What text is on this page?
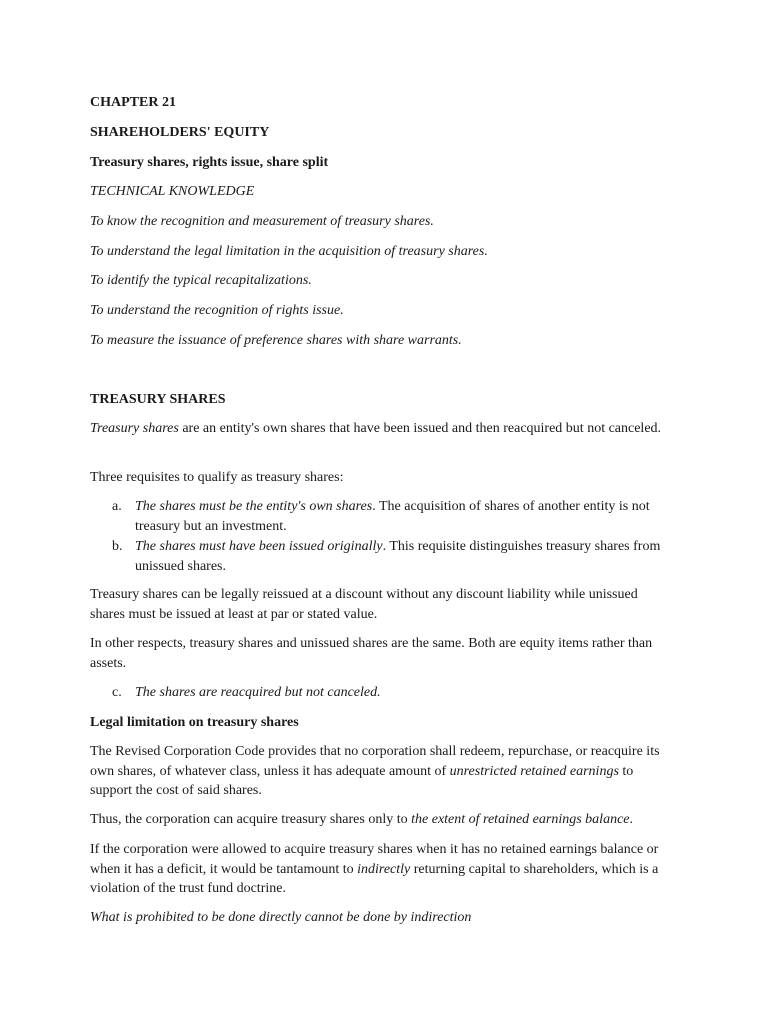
CHAPTER 21

SHAREHOLDERS' EQUITY

Treasury shares, rights issue, share split

TECHNICAL KNOWLEDGE

To know the recognition and measurement of treasury shares.

To understand the legal limitation in the acquisition of treasury shares.

To identify the typical recapitalizations.

To understand the recognition of rights issue.

To measure the issuance of preference shares with share warrants.

TREASURY SHARES

Treasury shares are an entity's own shares that have been issued and then reacquired but not canceled.

Three requisites to qualify as treasury shares:

a. The shares must be the entity's own shares. The acquisition of shares of another entity is not treasury but an investment.
b. The shares must have been issued originally. This requisite distinguishes treasury shares from unissued shares.

Treasury shares can be legally reissued at a discount without any discount liability while unissued shares must be issued at least at par or stated value.

In other respects, treasury shares and unissued shares are the same. Both are equity items rather than assets.

c. The shares are reacquired but not canceled.

Legal limitation on treasury shares

The Revised Corporation Code provides that no corporation shall redeem, repurchase, or reacquire its own shares, of whatever class, unless it has adequate amount of unrestricted retained earnings to support the cost of said shares.

Thus, the corporation can acquire treasury shares only to the extent of retained earnings balance.

If the corporation were allowed to acquire treasury shares when it has no retained earnings balance or when it has a deficit, it would be tantamount to indirectly returning capital to shareholders, which is a violation of the trust fund doctrine.

What is prohibited to be done directly cannot be done by indirection
